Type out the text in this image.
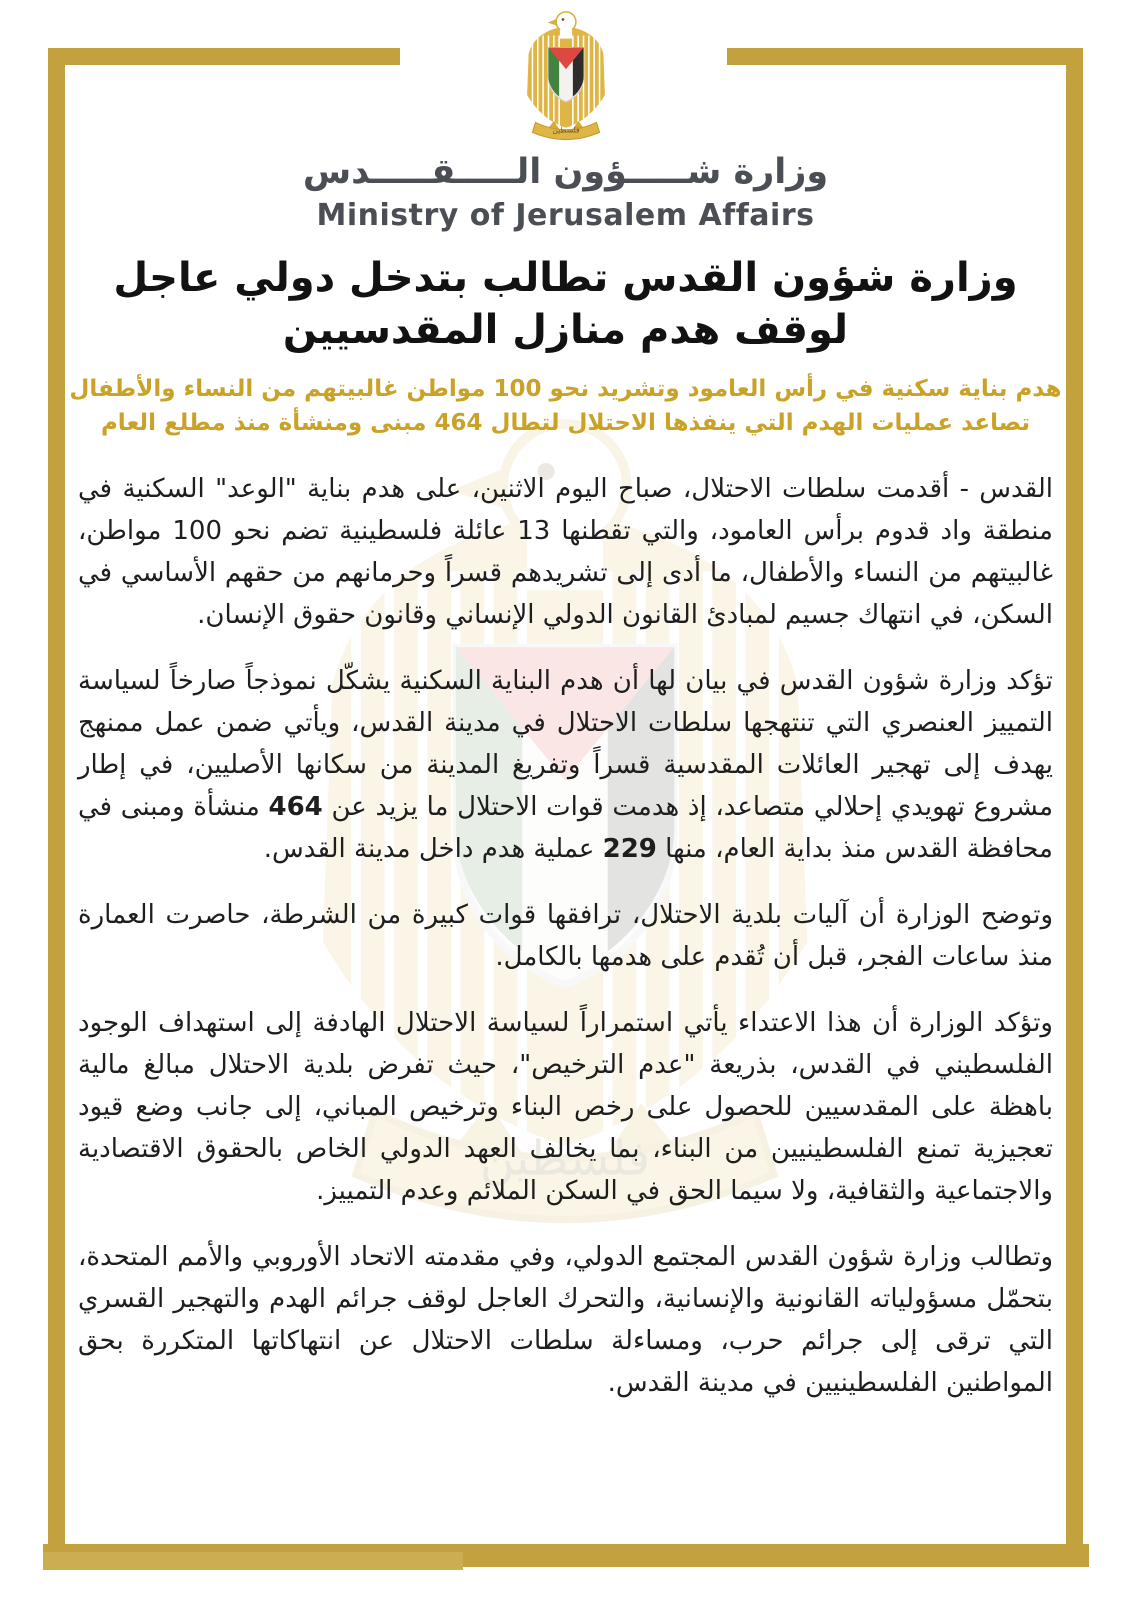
وزارة شـــــؤون الـــــقـــــدس
Ministry of Jerusalem Affairs
وزارة شؤون القدس تطالب بتدخل دولي عاجل
لوقف هدم منازل المقدسيين
هدم بناية سكنية في رأس العامود وتشريد نحو 100 مواطن غالبيتهم من النساء والأطفال
تصاعد عمليات الهدم التي ينفذها الاحتلال لتطال 464 مبنى ومنشأة منذ مطلع العام

القدس - أقدمت سلطات الاحتلال، صباح اليوم الاثنين، على هدم بناية "الوعد" السكنية في منطقة واد قدوم برأس العامود، والتي تقطنها 13 عائلة فلسطينية تضم نحو 100 مواطن، غالبيتهم من النساء والأطفال، ما أدى إلى تشريدهم قسراً وحرمانهم من حقهم الأساسي في السكن، في انتهاك جسيم لمبادئ القانون الدولي الإنساني وقانون حقوق الإنسان.

تؤكد وزارة شؤون القدس في بيان لها أن هدم البناية السكنية يشكّل نموذجاً صارخاً لسياسة التمييز العنصري التي تنتهجها سلطات الاحتلال في مدينة القدس، ويأتي ضمن عمل ممنهج يهدف إلى تهجير العائلات المقدسية قسراً وتفريغ المدينة من سكانها الأصليين، في إطار مشروع تهويدي إحلالي متصاعد، إذ هدمت قوات الاحتلال ما يزيد عن 464 منشأة ومبنى في محافظة القدس منذ بداية العام، منها 229 عملية هدم داخل مدينة القدس.

وتوضح الوزارة أن آليات بلدية الاحتلال، ترافقها قوات كبيرة من الشرطة، حاصرت العمارة منذ ساعات الفجر، قبل أن تُقدم على هدمها بالكامل.

وتؤكد الوزارة أن هذا الاعتداء يأتي استمراراً لسياسة الاحتلال الهادفة إلى استهداف الوجود الفلسطيني في القدس، بذريعة "عدم الترخيص"، حيث تفرض بلدية الاحتلال مبالغ مالية باهظة على المقدسيين للحصول على رخص البناء وترخيص المباني، إلى جانب وضع قيود تعجيزية تمنع الفلسطينيين من البناء، بما يخالف العهد الدولي الخاص بالحقوق الاقتصادية والاجتماعية والثقافية، ولا سيما الحق في السكن الملائم وعدم التمييز.

وتطالب وزارة شؤون القدس المجتمع الدولي، وفي مقدمته الاتحاد الأوروبي والأمم المتحدة، بتحمّل مسؤولياته القانونية والإنسانية، والتحرك العاجل لوقف جرائم الهدم والتهجير القسري التي ترقى إلى جرائم حرب، ومساءلة سلطات الاحتلال عن انتهاكاتها المتكررة بحق المواطنين الفلسطينيين في مدينة القدس.
